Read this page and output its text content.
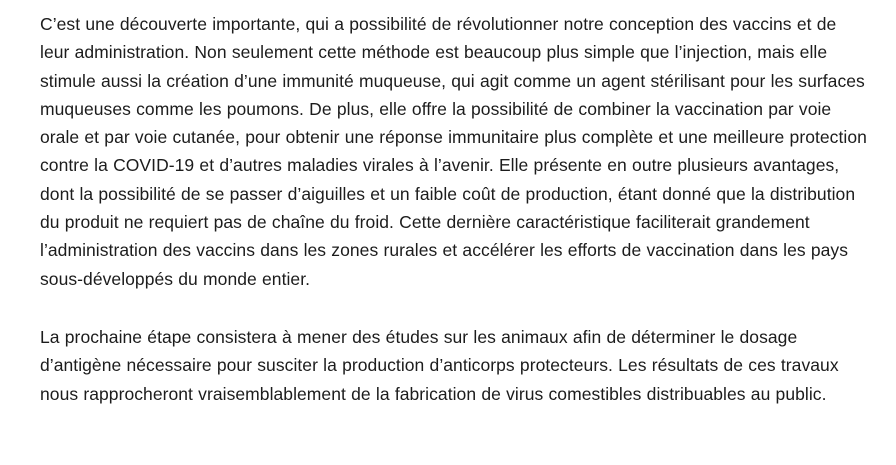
C’est une découverte importante, qui a possibilité de révolutionner notre conception des vaccins et de leur administration. Non seulement cette méthode est beaucoup plus simple que l’injection, mais elle stimule aussi la création d’une immunité muqueuse, qui agit comme un agent stérilisant pour les surfaces muqueuses comme les poumons. De plus, elle offre la possibilité de combiner la vaccination par voie orale et par voie cutanée, pour obtenir une réponse immunitaire plus complète et une meilleure protection contre la COVID-19 et d’autres maladies virales à l’avenir. Elle présente en outre plusieurs avantages, dont la possibilité de se passer d’aiguilles et un faible coût de production, étant donné que la distribution du produit ne requiert pas de chaîne du froid. Cette dernière caractéristique faciliterait grandement l’administration des vaccins dans les zones rurales et accélérer les efforts de vaccination dans les pays sous-développés du monde entier.

La prochaine étape consistera à mener des études sur les animaux afin de déterminer le dosage d’antigène nécessaire pour susciter la production d’anticorps protecteurs. Les résultats de ces travaux nous rapprocheront vraisemblablement de la fabrication de virus comestibles distribuables au public.
